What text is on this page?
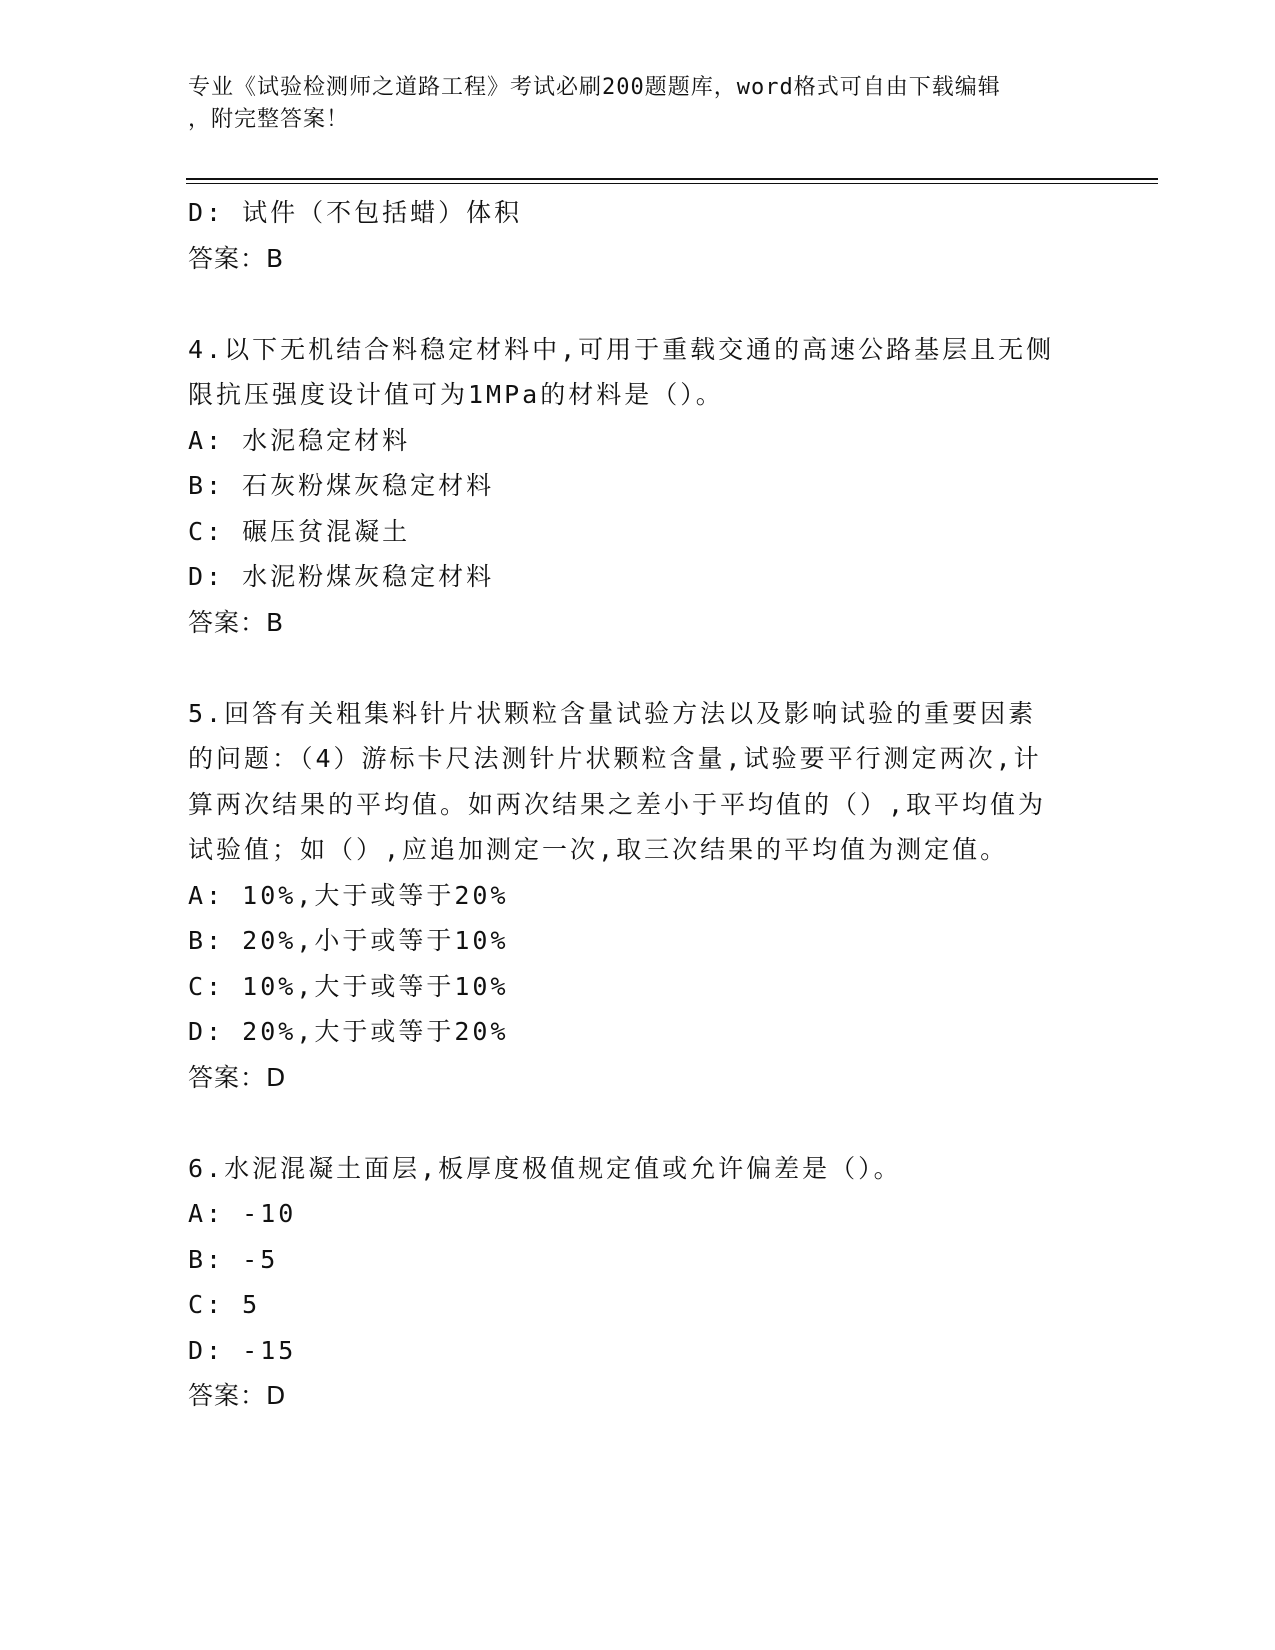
专业《试验检测师之道路工程》考试必刷200题题库，word格式可自由下载编辑
，附完整答案！
D: 试件（不包括蜡）体积
答案：B
4.以下无机结合料稳定材料中,可用于重载交通的高速公路基层且无侧
限抗压强度设计值可为1MPa的材料是（）。
A: 水泥稳定材料
B: 石灰粉煤灰稳定材料
C: 碾压贫混凝土
D: 水泥粉煤灰稳定材料
答案：B
5.回答有关粗集料针片状颗粒含量试验方法以及影响试验的重要因素
的问题：（4）游标卡尺法测针片状颗粒含量,试验要平行测定两次,计
算两次结果的平均值。如两次结果之差小于平均值的（）,取平均值为
试验值；如（）,应追加测定一次,取三次结果的平均值为测定值。
A: 10%,大于或等于20%
B: 20%,小于或等于10%
C: 10%,大于或等于10%
D: 20%,大于或等于20%
答案：D
6.水泥混凝土面层,板厚度极值规定值或允许偏差是（）。
A: -10
B: -5
C: 5
D: -15
答案：D
